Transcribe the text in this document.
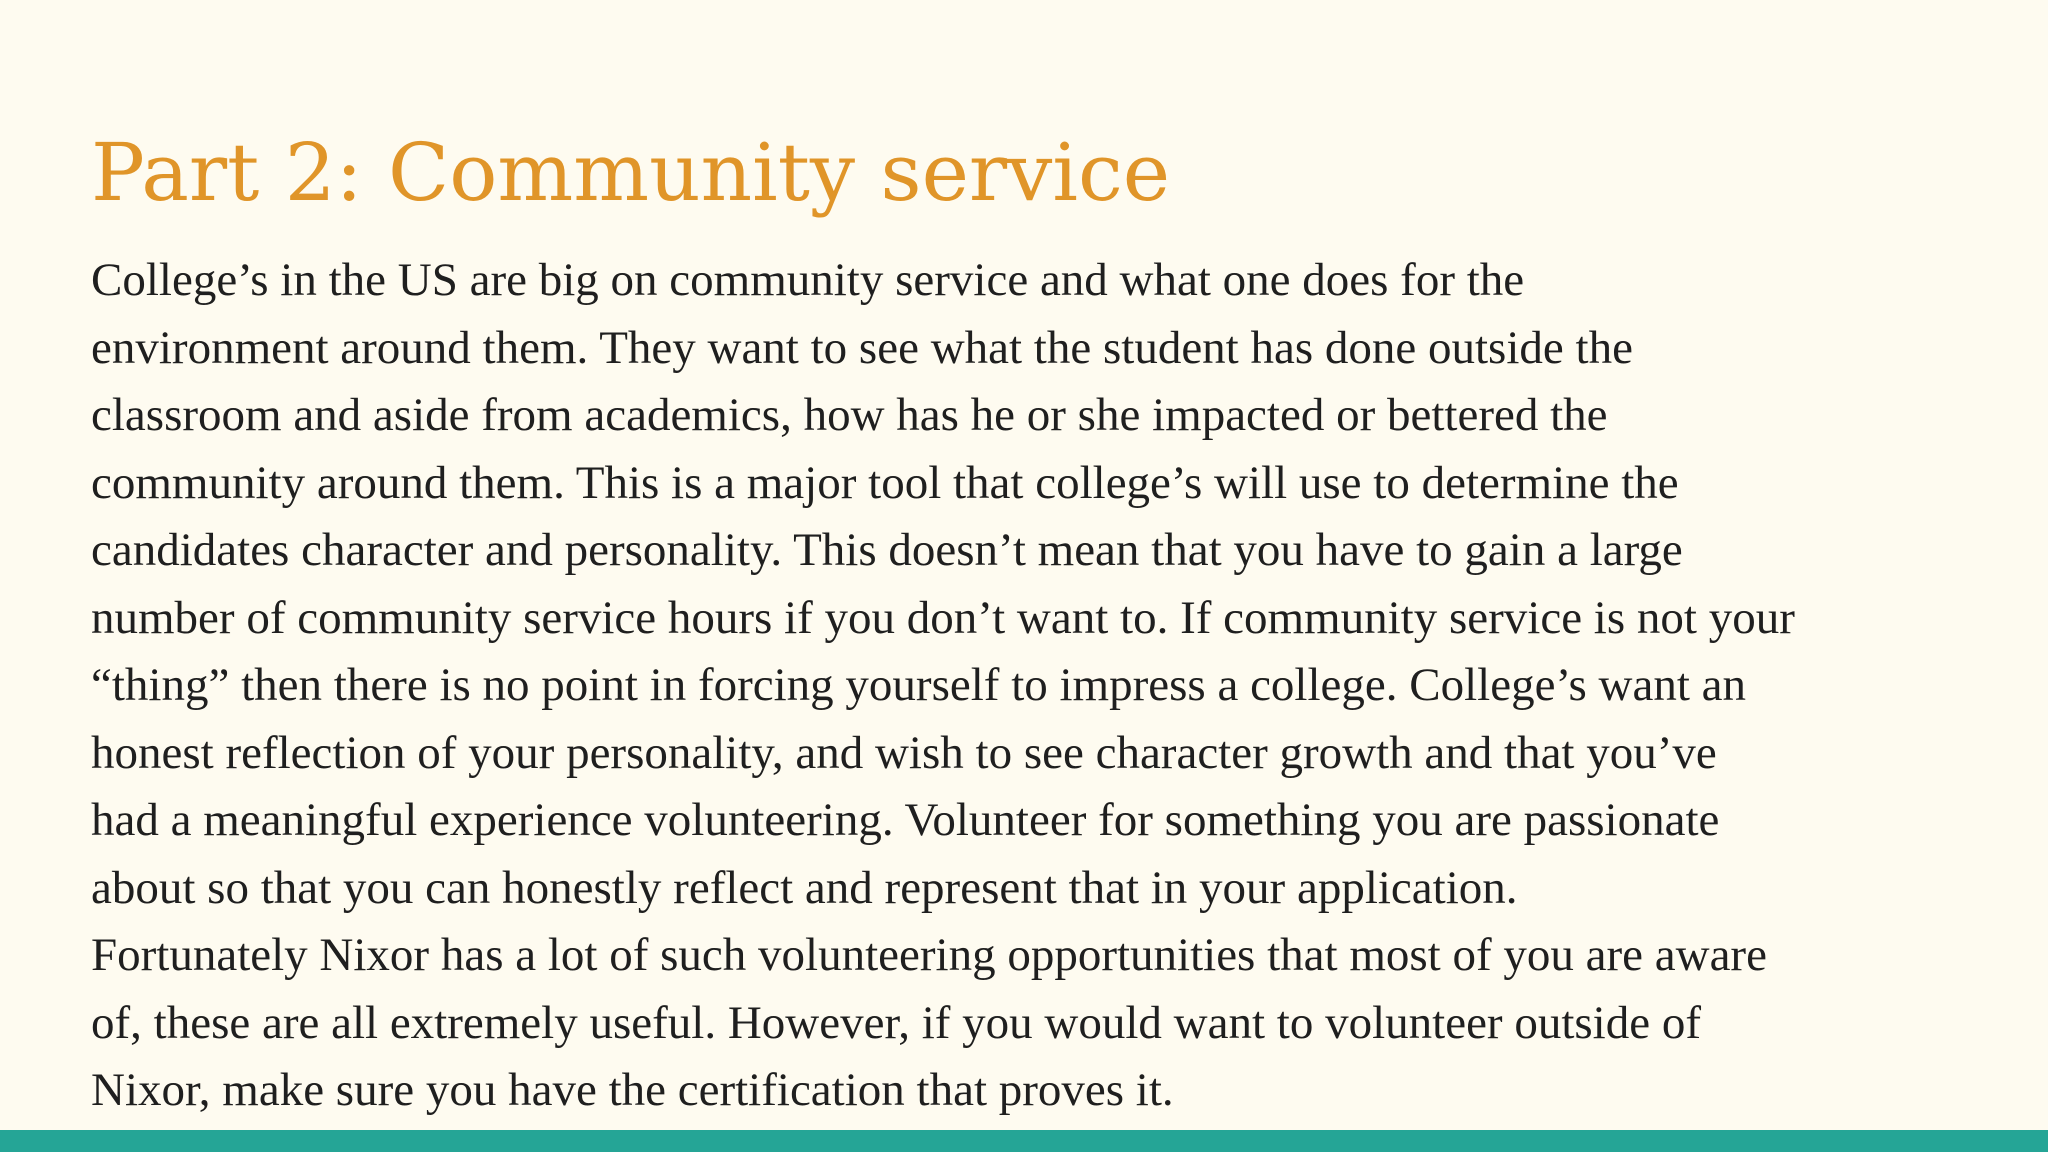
Part 2: Community service
College’s in the US are big on community service and what one does for the
environment around them. They want to see what the student has done outside the
classroom and aside from academics, how has he or she impacted or bettered the
community around them. This is a major tool that college’s will use to determine the
candidates character and personality. This doesn’t mean that you have to gain a large
number of community service hours if you don’t want to. If community service is not your
“thing” then there is no point in forcing yourself to impress a college. College’s want an
honest reflection of your personality, and wish to see character growth and that you’ve
had a meaningful experience volunteering. Volunteer for something you are passionate
about so that you can honestly reflect and represent that in your application.
Fortunately Nixor has a lot of such volunteering opportunities that most of you are aware
of, these are all extremely useful. However, if you would want to volunteer outside of
Nixor, make sure you have the certification that proves it.
